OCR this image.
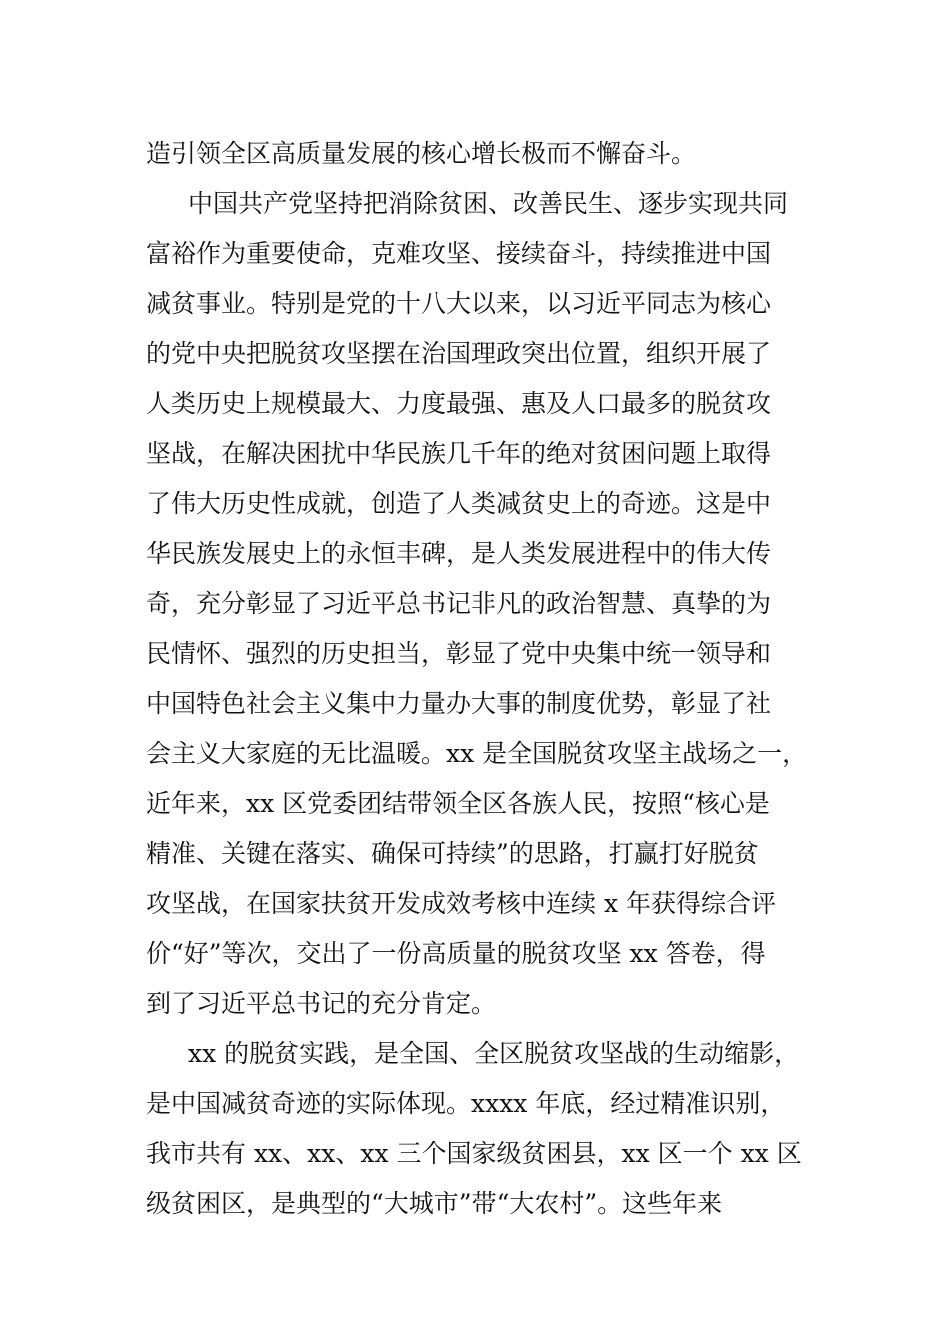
造引领全区高质量发展的核心增长极而不懈奋斗。
中国共产党坚持把消除贫困、改善民生、逐步实现共同
富裕作为重要使命，克难攻坚、接续奋斗，持续推进中国
减贫事业。特别是党的十八大以来，以习近平同志为核心
的党中央把脱贫攻坚摆在治国理政突出位置，组织开展了
人类历史上规模最大、力度最强、惠及人口最多的脱贫攻
坚战，在解决困扰中华民族几千年的绝对贫困问题上取得
了伟大历史性成就，创造了人类减贫史上的奇迹。这是中
华民族发展史上的永恒丰碑，是人类发展进程中的伟大传
奇，充分彰显了习近平总书记非凡的政治智慧、真挚的为
民情怀、强烈的历史担当，彰显了党中央集中统一领导和
中国特色社会主义集中力量办大事的制度优势，彰显了社
会主义大家庭的无比温暖。xx 是全国脱贫攻坚主战场之一，
近年来，xx 区党委团结带领全区各族人民，按照“核心是
精准、关键在落实、确保可持续”的思路，打赢打好脱贫
攻坚战，在国家扶贫开发成效考核中连续 x 年获得综合评
价“好”等次，交出了一份高质量的脱贫攻坚 xx 答卷，得
到了习近平总书记的充分肯定。
xx 的脱贫实践，是全国、全区脱贫攻坚战的生动缩影，
是中国减贫奇迹的实际体现。xxxx 年底，经过精准识别，
我市共有 xx、xx、xx 三个国家级贫困县，xx 区一个 xx 区
级贫困区，是典型的“大城市”带“大农村”。这些年来
